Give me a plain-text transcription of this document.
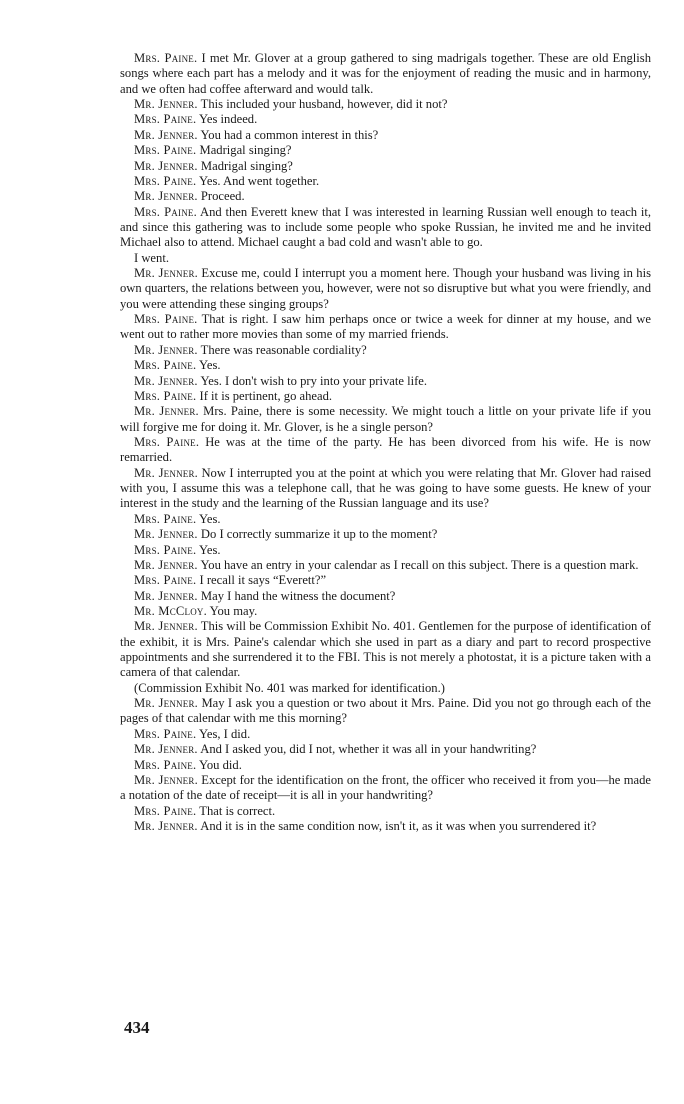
Mrs. Paine. I met Mr. Glover at a group gathered to sing madrigals together. These are old English songs where each part has a melody and it was for the enjoyment of reading the music and in harmony, and we often had coffee afterward and would talk.

Mr. Jenner. This included your husband, however, did it not?

Mrs. Paine. Yes indeed.

Mr. Jenner. You had a common interest in this?

Mrs. Paine. Madrigal singing?

Mr. Jenner. Madrigal singing?

Mrs. Paine. Yes. And went together.

Mr. Jenner. Proceed.

Mrs. Paine. And then Everett knew that I was interested in learning Russian well enough to teach it, and since this gathering was to include some people who spoke Russian, he invited me and he invited Michael also to attend. Michael caught a bad cold and wasn't able to go.

I went.

Mr. Jenner. Excuse me, could I interrupt you a moment here. Though your husband was living in his own quarters, the relations between you, however, were not so disruptive but what you were friendly, and you were attending these singing groups?

Mrs. Paine. That is right. I saw him perhaps once or twice a week for dinner at my house, and we went out to rather more movies than some of my married friends.

Mr. Jenner. There was reasonable cordiality?

Mrs. Paine. Yes.

Mr. Jenner. Yes. I don't wish to pry into your private life.

Mrs. Paine. If it is pertinent, go ahead.

Mr. Jenner. Mrs. Paine, there is some necessity. We might touch a little on your private life if you will forgive me for doing it. Mr. Glover, is he a single person?

Mrs. Paine. He was at the time of the party. He has been divorced from his wife. He is now remarried.

Mr. Jenner. Now I interrupted you at the point at which you were relating that Mr. Glover had raised with you, I assume this was a telephone call, that he was going to have some guests. He knew of your interest in the study and the learning of the Russian language and its use?

Mrs. Paine. Yes.

Mr. Jenner. Do I correctly summarize it up to the moment?

Mrs. Paine. Yes.

Mr. Jenner. You have an entry in your calendar as I recall on this subject. There is a question mark.

Mrs. Paine. I recall it says “Everett?”

Mr. Jenner. May I hand the witness the document?

Mr. McCloy. You may.

Mr. Jenner. This will be Commission Exhibit No. 401. Gentlemen for the purpose of identification of the exhibit, it is Mrs. Paine's calendar which she used in part as a diary and part to record prospective appointments and she surrendered it to the FBI. This is not merely a photostat, it is a picture taken with a camera of that calendar.

(Commission Exhibit No. 401 was marked for identification.)

Mr. Jenner. May I ask you a question or two about it Mrs. Paine. Did you not go through each of the pages of that calendar with me this morning?

Mrs. Paine. Yes, I did.

Mr. Jenner. And I asked you, did I not, whether it was all in your handwriting?

Mrs. Paine. You did.

Mr. Jenner. Except for the identification on the front, the officer who received it from you—he made a notation of the date of receipt—it is all in your handwriting?

Mrs. Paine. That is correct.

Mr. Jenner. And it is in the same condition now, isn't it, as it was when you surrendered it?

434
